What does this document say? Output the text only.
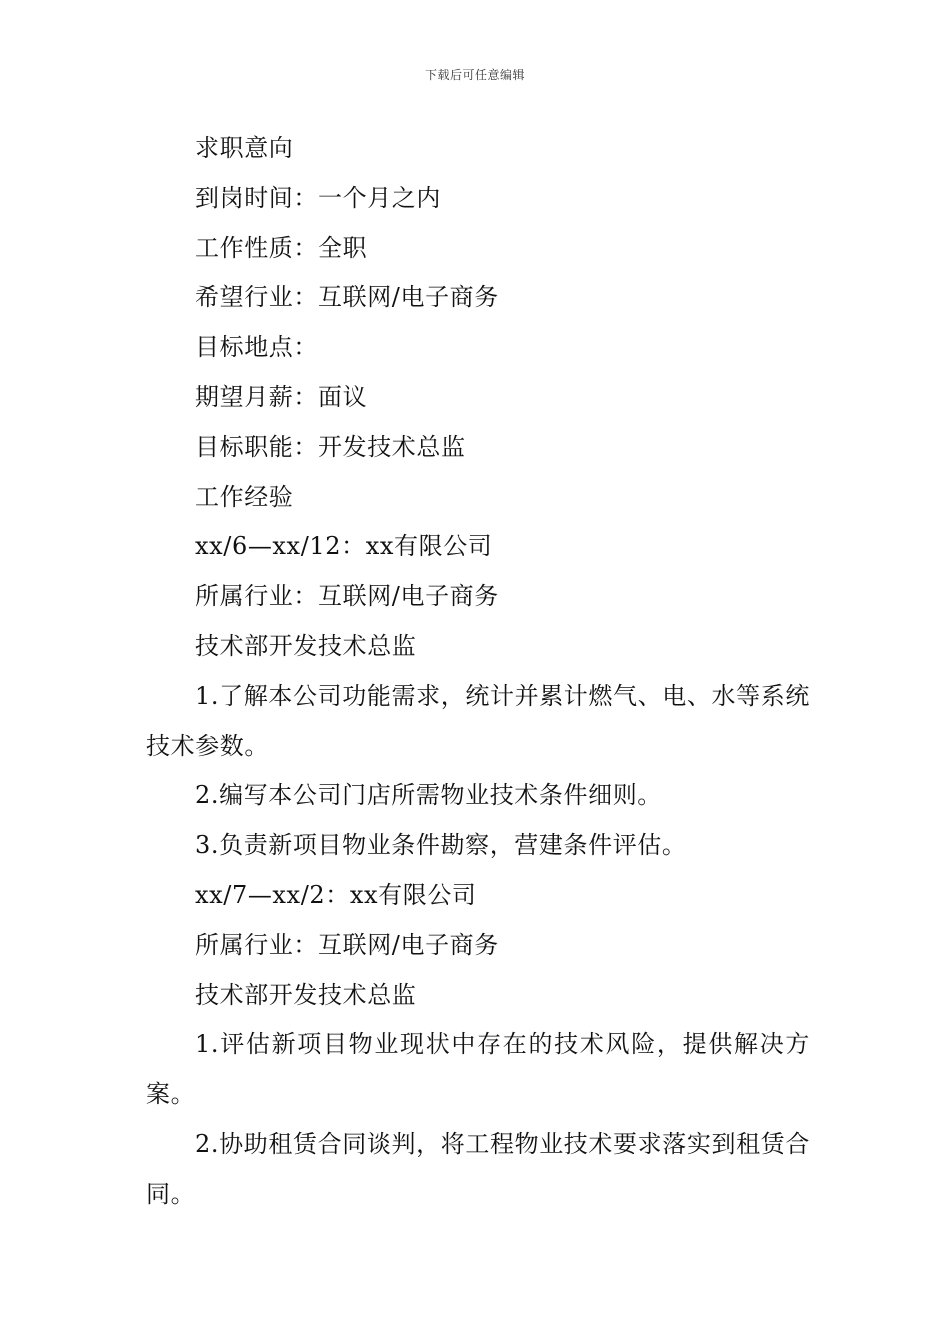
下载后可任意编辑
求职意向
到岗时间：一个月之内
工作性质：全职
希望行业：互联网/电子商务
目标地点：
期望月薪：面议
目标职能：开发技术总监
工作经验
xx/6—xx/12：xx有限公司
所属行业：互联网/电子商务
技术部开发技术总监
1.了解本公司功能需求，统计并累计燃气、电、水等系统技术参数。
2.编写本公司门店所需物业技术条件细则。
3.负责新项目物业条件勘察，营建条件评估。
xx/7—xx/2：xx有限公司
所属行业：互联网/电子商务
技术部开发技术总监
1.评估新项目物业现状中存在的技术风险，提供解决方案。
2.协助租赁合同谈判，将工程物业技术要求落实到租赁合同。
